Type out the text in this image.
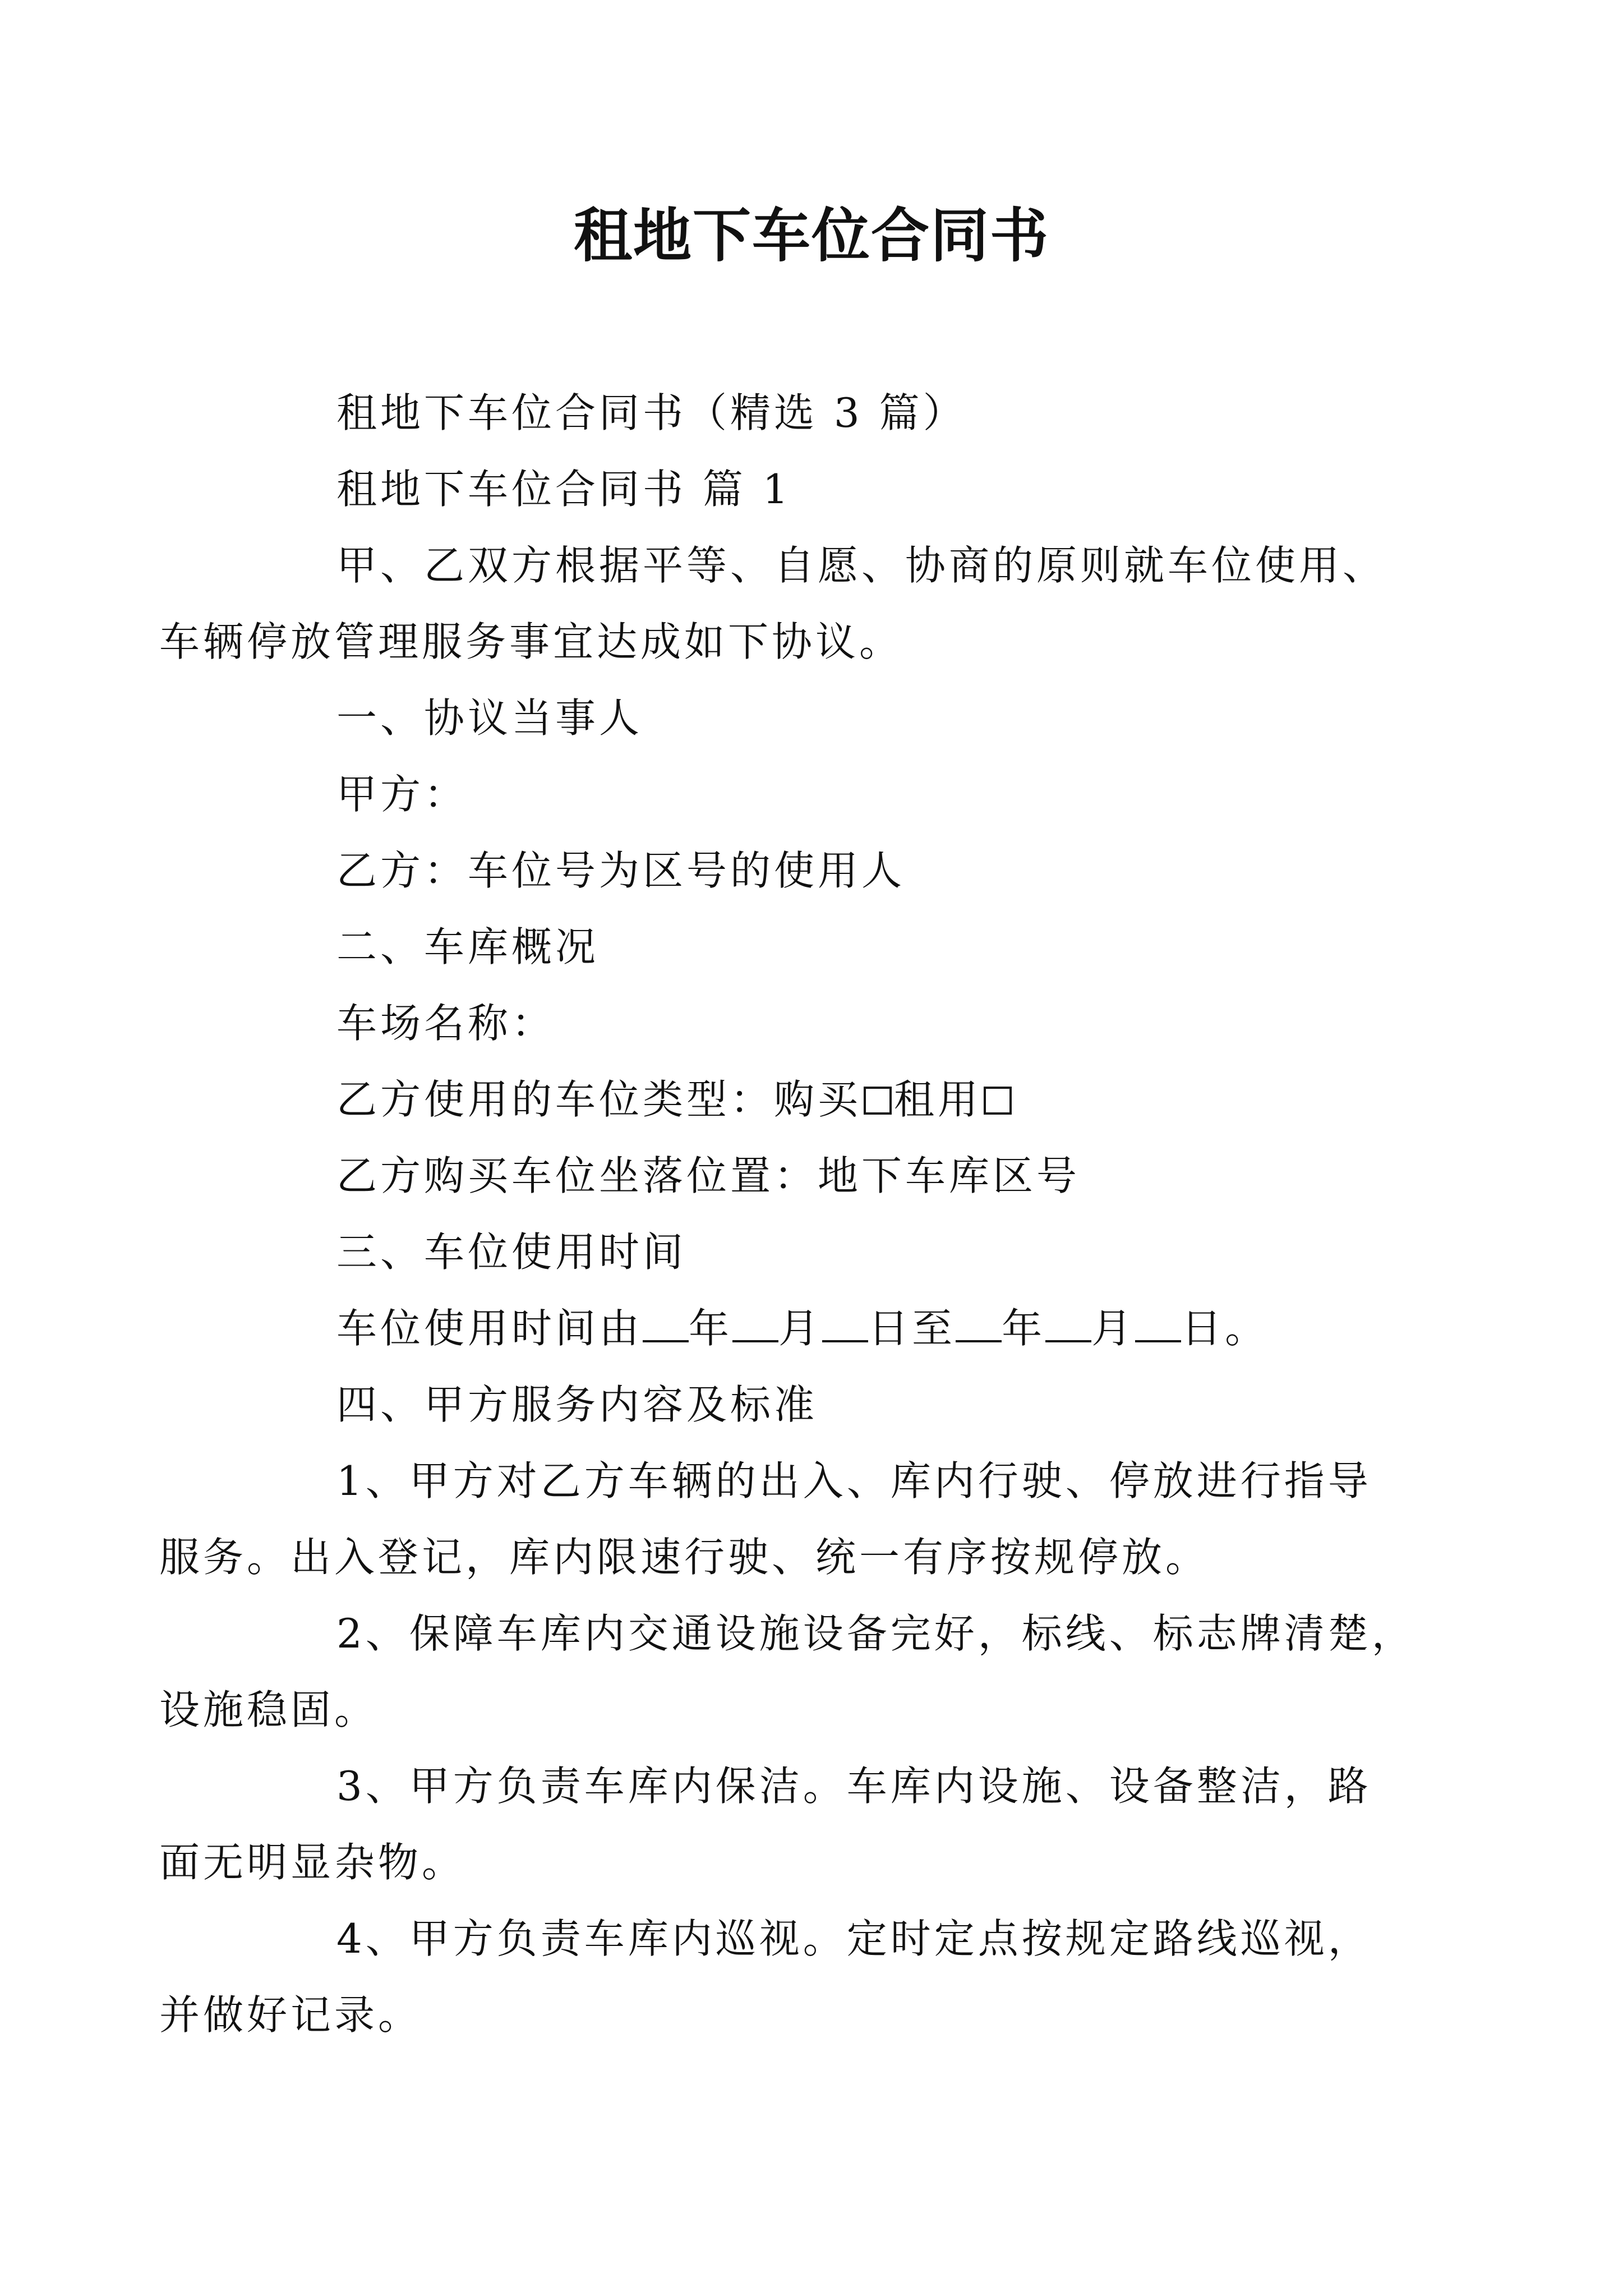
租地下车位合同书

租地下车位合同书（精选 3 篇）

租地下车位合同书 篇 1

甲、乙双方根据平等、自愿、协商的原则就车位使用、
车辆停放管理服务事宜达成如下协议。

一、协议当事人

甲方：

乙方：车位号为区号的使用人

二、车库概况

车场名称：

乙方使用的车位类型：购买 租用

乙方购买车位坐落位置：地下车库区号

三、车位使用时间

车位使用时间由 年 月 日至 年 月 日。

四、甲方服务内容及标准

1、甲方对乙方车辆的出入、库内行驶、停放进行指导
服务。出入登记，库内限速行驶、统一有序按规停放。

2、保障车库内交通设施设备完好，标线、标志牌清楚，
设施稳固。

3、甲方负责车库内保洁。车库内设施、设备整洁，路
面无明显杂物。

4、甲方负责车库内巡视。定时定点按规定路线巡视，
并做好记录。
